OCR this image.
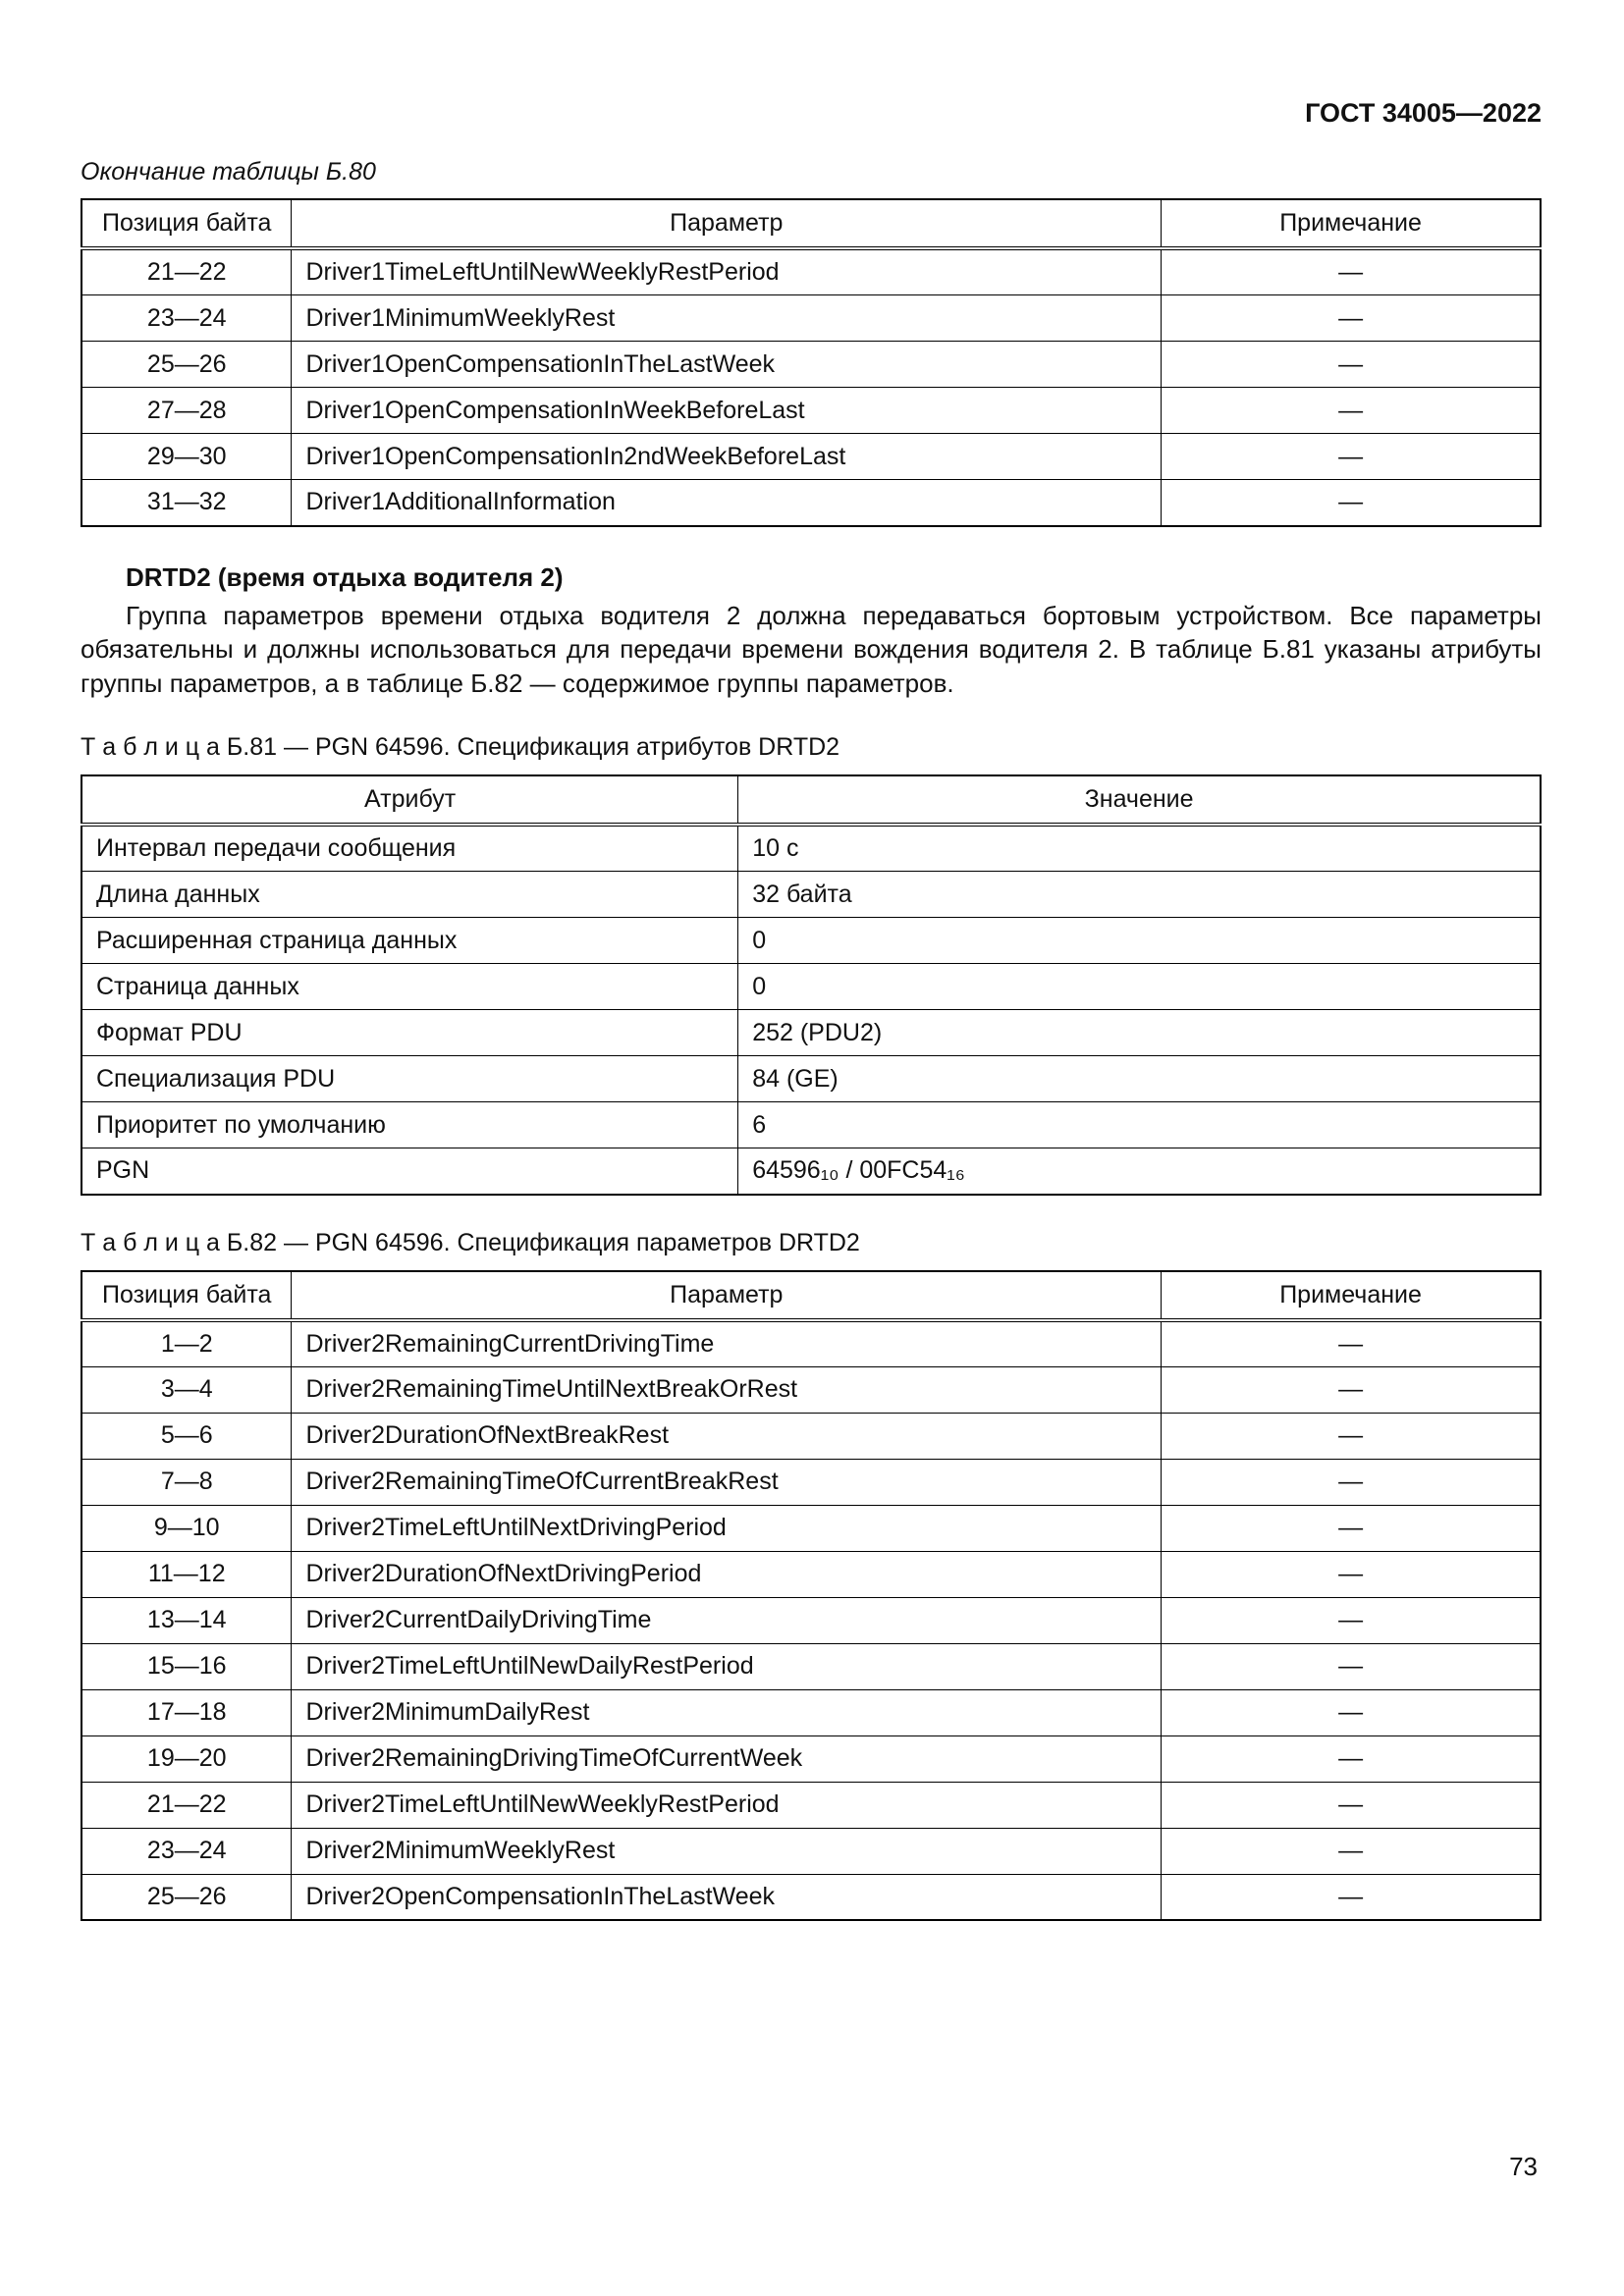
ГОСТ 34005—2022
Окончание таблицы Б.80
Позиция байта	Параметр	Примечание
21—22	Driver1TimeLeftUntilNewWeeklyRestPeriod	—
23—24	Driver1MinimumWeeklyRest	—
25—26	Driver1OpenCompensationInTheLastWeek	—
27—28	Driver1OpenCompensationInWeekBeforeLast	—
29—30	Driver1OpenCompensationIn2ndWeekBeforeLast	—
31—32	Driver1AdditionalInformation	—
DRTD2 (время отдыха водителя 2)

Группа параметров времени отдыха водителя 2 должна передаваться бортовым устройством. Все параметры обязательны и должны использоваться для передачи времени вождения водителя 2. В таблице Б.81 указаны атрибуты группы параметров, а в таблице Б.82 — содержимое группы параметров.

Т а б л и ц а Б.81 — PGN 64596. Спецификация атрибутов DRTD2
Атрибут	Значение
Интервал передачи сообщения	10 с
Длина данных	32 байта
Расширенная страница данных	0
Страница данных	0
Формат PDU	252 (PDU2)
Специализация PDU	84 (GE)
Приоритет по умолчанию	6
PGN	64596₁₀ / 00FC54₁₆
Т а б л и ц а Б.82 — PGN 64596. Спецификация параметров DRTD2
Позиция байта	Параметр	Примечание
1—2	Driver2RemainingCurrentDrivingTime	—
3—4	Driver2RemainingTimeUntilNextBreakOrRest	—
5—6	Driver2DurationOfNextBreakRest	—
7—8	Driver2RemainingTimeOfCurrentBreakRest	—
9—10	Driver2TimeLeftUntilNextDrivingPeriod	—
11—12	Driver2DurationOfNextDrivingPeriod	—
13—14	Driver2CurrentDailyDrivingTime	—
15—16	Driver2TimeLeftUntilNewDailyRestPeriod	—
17—18	Driver2MinimumDailyRest	—
19—20	Driver2RemainingDrivingTimeOfCurrentWeek	—
21—22	Driver2TimeLeftUntilNewWeeklyRestPeriod	—
23—24	Driver2MinimumWeeklyRest	—
25—26	Driver2OpenCompensationInTheLastWeek	—
73
